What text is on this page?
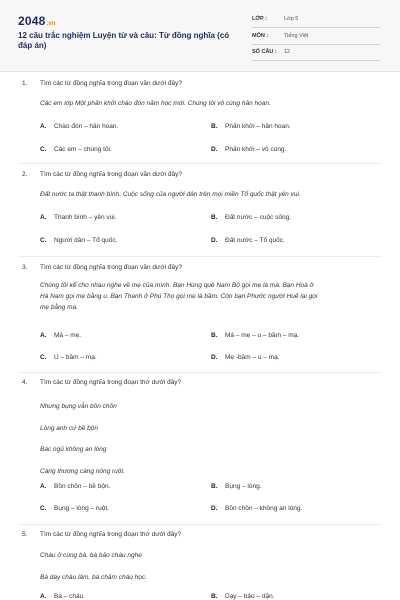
2048.vn
12 câu trắc nghiệm Luyện từ và câu: Từ đồng nghĩa (có đáp án)
LỚP :	Lớp 5
MÔN :	Tiếng Việt
SỐ CÂU : 12
1. Tìm các từ đồng nghĩa trong đoạn văn dưới đây?
Các em lớp Một phấn khởi chào đón năm học mới. Chúng tôi vô cùng hân hoan.
A. Chào đón – hân hoan.	B. Phấn khởi – hân hoan.
C. Các em – chúng tôi.	D. Phấn khởi – vô cùng.
2. Tìm các từ đồng nghĩa trong đoạn văn dưới đây?
Đất nước ta thật thanh bình. Cuộc sống của người dân trên mọi miền Tổ quốc thật yên vui.
A. Thanh bình – yên vui.	B. Đất nước – cuộc sống.
C. Người dân – Tổ quốc.	D. Đất nước – Tổ quốc.
3. Tìm các từ đồng nghĩa trong đoạn văn dưới đây?
Chúng tôi kể cho nhau nghe về mẹ của mình. Bạn Hùng quê Nam Bộ gọi mẹ là má. Bạn Hoà ở
Hà Nam gọi mẹ bằng u. Bạn Thanh ở Phú Thọ gọi mẹ là bầm. Còn bạn Phước người Huế lại gọi
mẹ bằng mạ.
A. Má – mẹ.	B. Má – mẹ – u – bầm – mạ.
C. U – bầm – mạ.	D. Mẹ -bầm – u – mạ.
4. Tìm các từ đồng nghĩa trong đoạn thơ dưới đây?
Nhưng bụng vẫn bồn chồn
Lòng anh cứ bề bộn
Bác ngủ không an lòng
Càng thương càng nóng ruột.
A. Bồn chồn – bề bộn.	B. Bụng – lòng.
C. Bụng – lòng – ruột.	D. Bồn chồn – không an lòng.
5. Tìm các từ đồng nghĩa trong đoạn thơ dưới đây?
Cháu ở cùng bà, bà bảo cháu nghe
Bà dạy cháu làm, bà chăm cháu học.
A. Bà – cháu.	B. Dạy – bảo – dặn.
